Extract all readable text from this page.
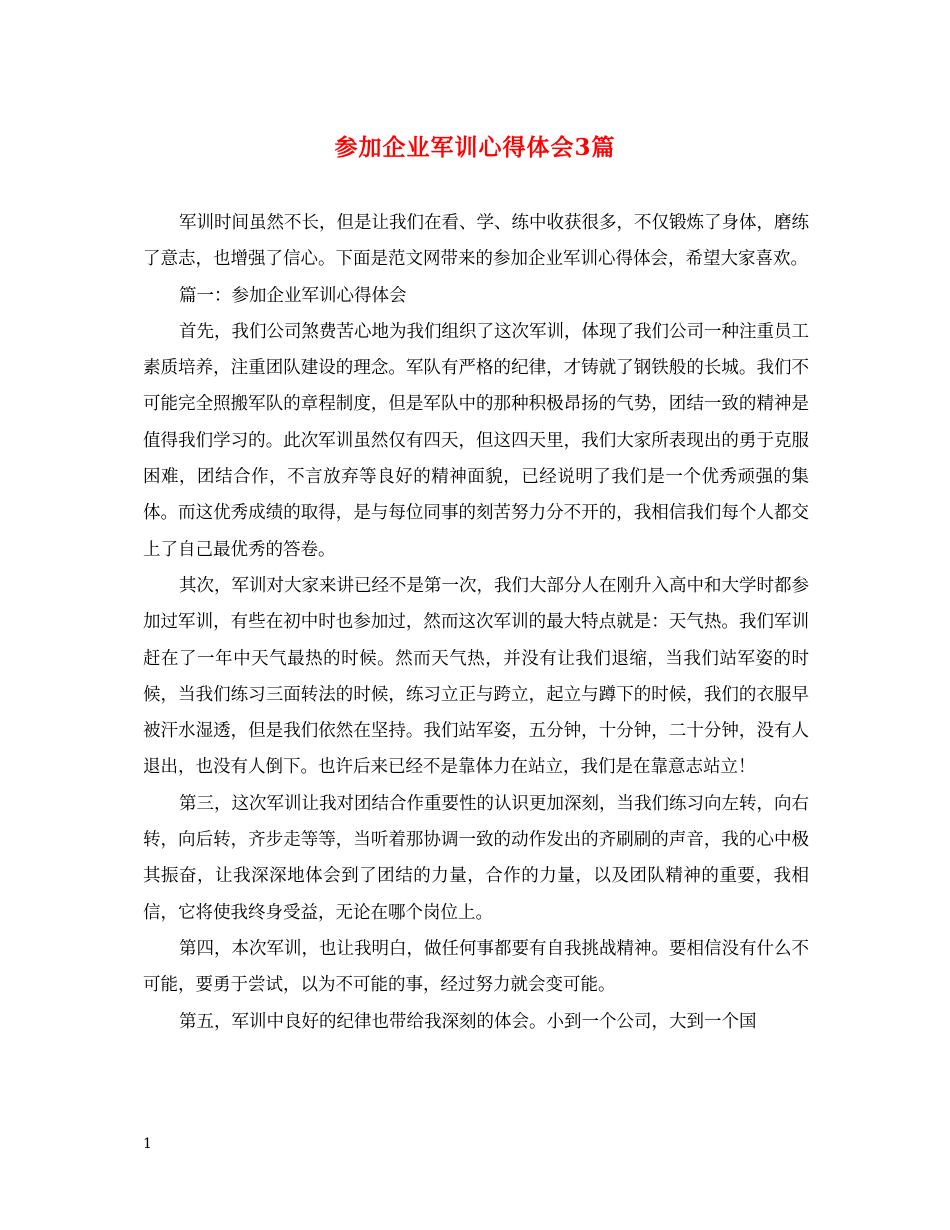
参加企业军训心得体会3篇

军训时间虽然不长，但是让我们在看、学、练中收获很多，不仅锻炼了身体，磨练了意志，也增强了信心。下面是范文网带来的参加企业军训心得体会，希望大家喜欢。

篇一：参加企业军训心得体会

首先，我们公司煞费苦心地为我们组织了这次军训，体现了我们公司一种注重员工素质培养，注重团队建设的理念。军队有严格的纪律，才铸就了钢铁般的长城。我们不可能完全照搬军队的章程制度，但是军队中的那种积极昂扬的气势，团结一致的精神是值得我们学习的。此次军训虽然仅有四天，但这四天里，我们大家所表现出的勇于克服困难，团结合作，不言放弃等良好的精神面貌，已经说明了我们是一个优秀顽强的集体。而这优秀成绩的取得，是与每位同事的刻苦努力分不开的，我相信我们每个人都交上了自己最优秀的答卷。

其次，军训对大家来讲已经不是第一次，我们大部分人在刚升入高中和大学时都参加过军训，有些在初中时也参加过，然而这次军训的最大特点就是：天气热。我们军训赶在了一年中天气最热的时候。然而天气热，并没有让我们退缩，当我们站军姿的时候，当我们练习三面转法的时候，练习立正与跨立，起立与蹲下的时候，我们的衣服早被汗水湿透，但是我们依然在坚持。我们站军姿，五分钟，十分钟，二十分钟，没有人退出，也没有人倒下。也许后来已经不是靠体力在站立，我们是在靠意志站立！

第三，这次军训让我对团结合作重要性的认识更加深刻，当我们练习向左转，向右转，向后转，齐步走等等，当听着那协调一致的动作发出的齐刷刷的声音，我的心中极其振奋，让我深深地体会到了团结的力量，合作的力量，以及团队精神的重要，我相信，它将使我终身受益，无论在哪个岗位上。

第四，本次军训，也让我明白，做任何事都要有自我挑战精神。要相信没有什么不可能，要勇于尝试，以为不可能的事，经过努力就会变可能。

第五，军训中良好的纪律也带给我深刻的体会。小到一个公司，大到一个国

1
